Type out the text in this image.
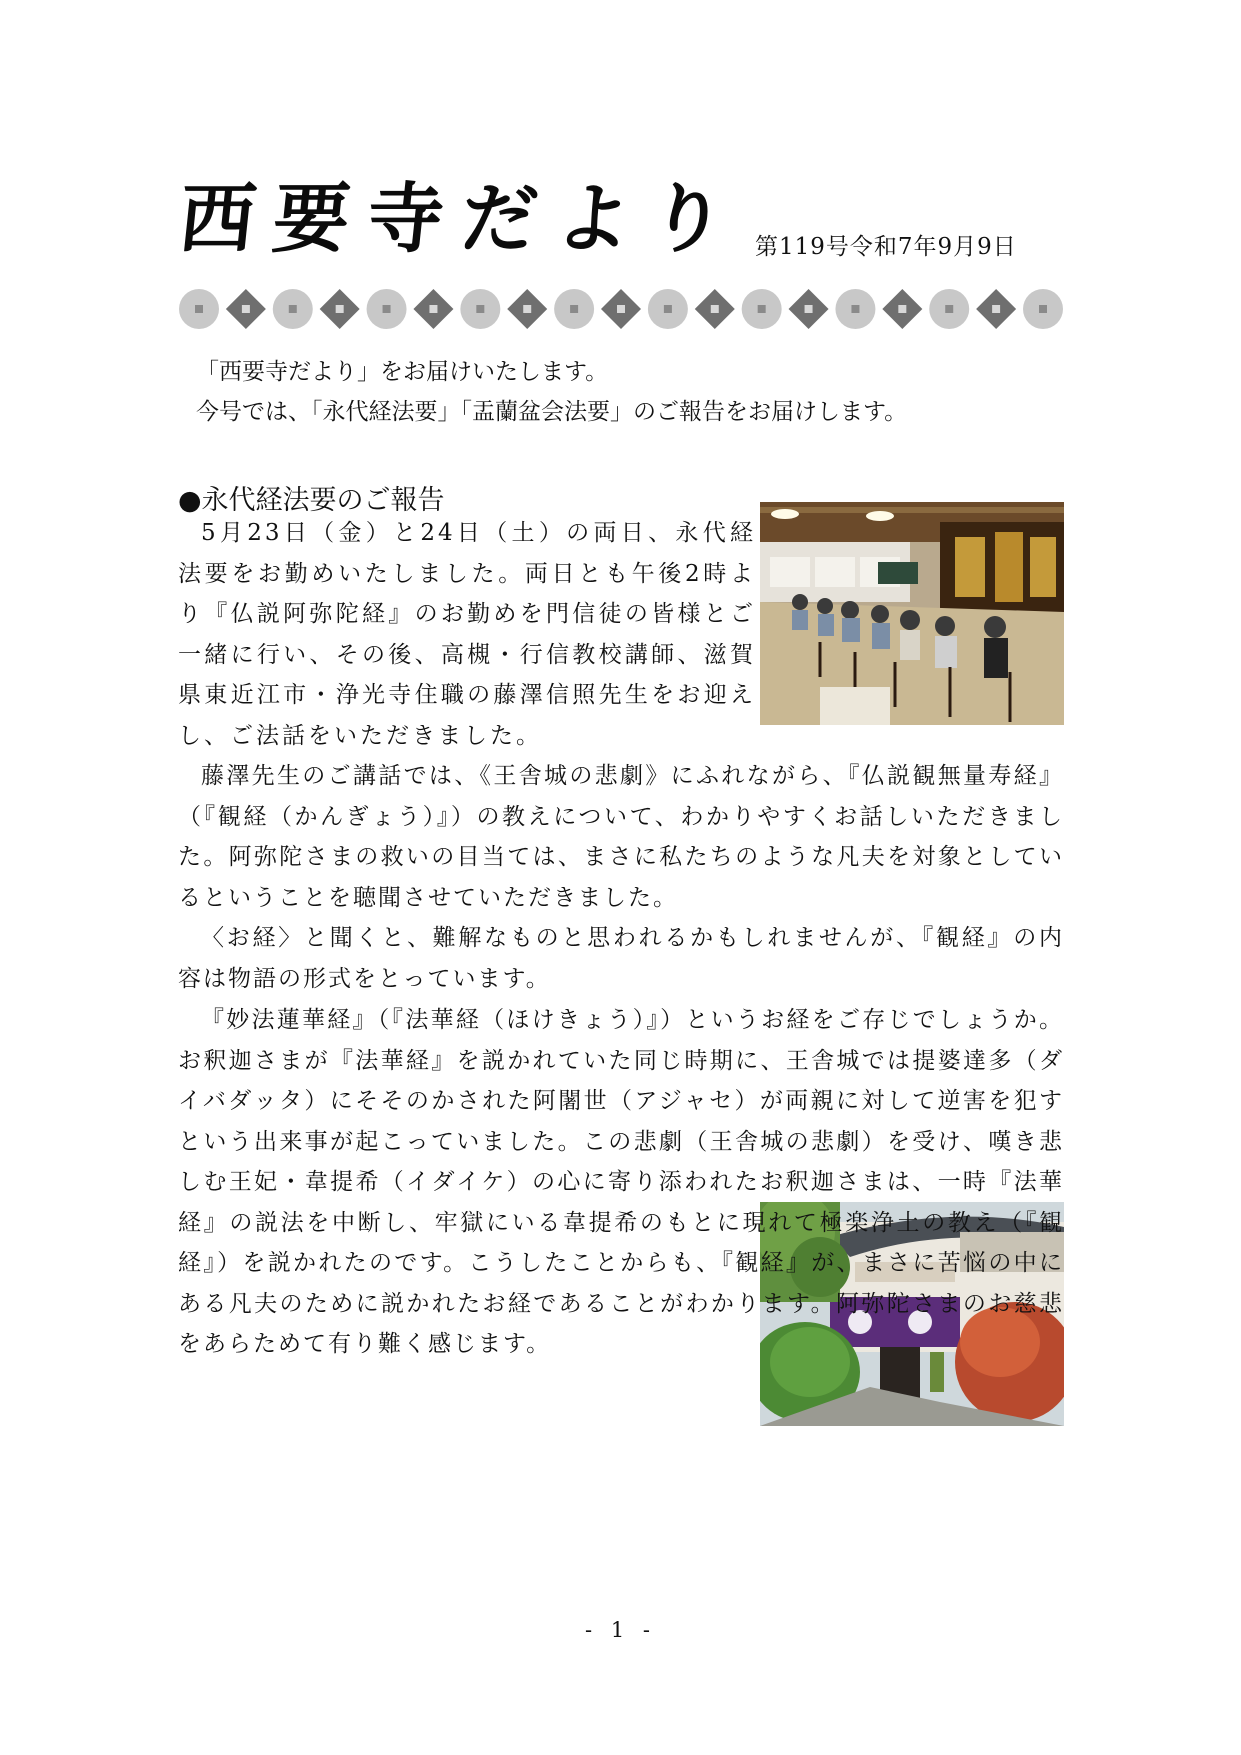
西要寺だより 第119号令和7年9月9日

「西要寺だより」をお届けいたします。

今号では、「永代経法要」「盂蘭盆会法要」のご報告をお届けします。

●永代経法要のご報告

5月23日（金）と24日（土）の両日、永代経法要をお勤めいたしました。両日とも午後2時より『仏説阿弥陀経』のお勤めを門信徒の皆様とご一緒に行い、その後、高槻・行信教校講師、滋賀県東近江市・浄光寺住職の藤澤信照先生をお迎えし、ご法話をいただきました。

藤澤先生のご講話では、《王舎城の悲劇》にふれながら、『仏説観無量寿経』（『観経（かんぎょう）』）の教えについて、わかりやすくお話しいただきました。阿弥陀さまの救いの目当ては、まさに私たちのような凡夫を対象としているということを聴聞させていただきました。

〈お経〉と聞くと、難解なものと思われるかもしれませんが、『観経』の内容は物語の形式をとっています。

『妙法蓮華経』（『法華経（ほけきょう）』）というお経をご存じでしょうか。お釈迦さまが『法華経』を説かれていた同じ時期に、王舎城では提婆達多（ダイバダッタ）にそそのかされた阿闍世（アジャセ）が両親に対して逆害を犯すという出来事が起こっていました。この悲劇（王舎城の悲劇）を受け、嘆き悲しむ王妃・韋提希（イダイケ）の心に寄り添われたお釈迦さまは、一時『法華経』の説法を中断し、牢獄にいる韋提希のもとに現れて極楽浄土の教え（『観経』）を説かれたのです。こうしたことからも、『観経』が、まさに苦悩の中にある凡夫のために説かれたお経であることがわかります。阿弥陀さまのお慈悲をあらためて有り難く感じます。

- 1 -
